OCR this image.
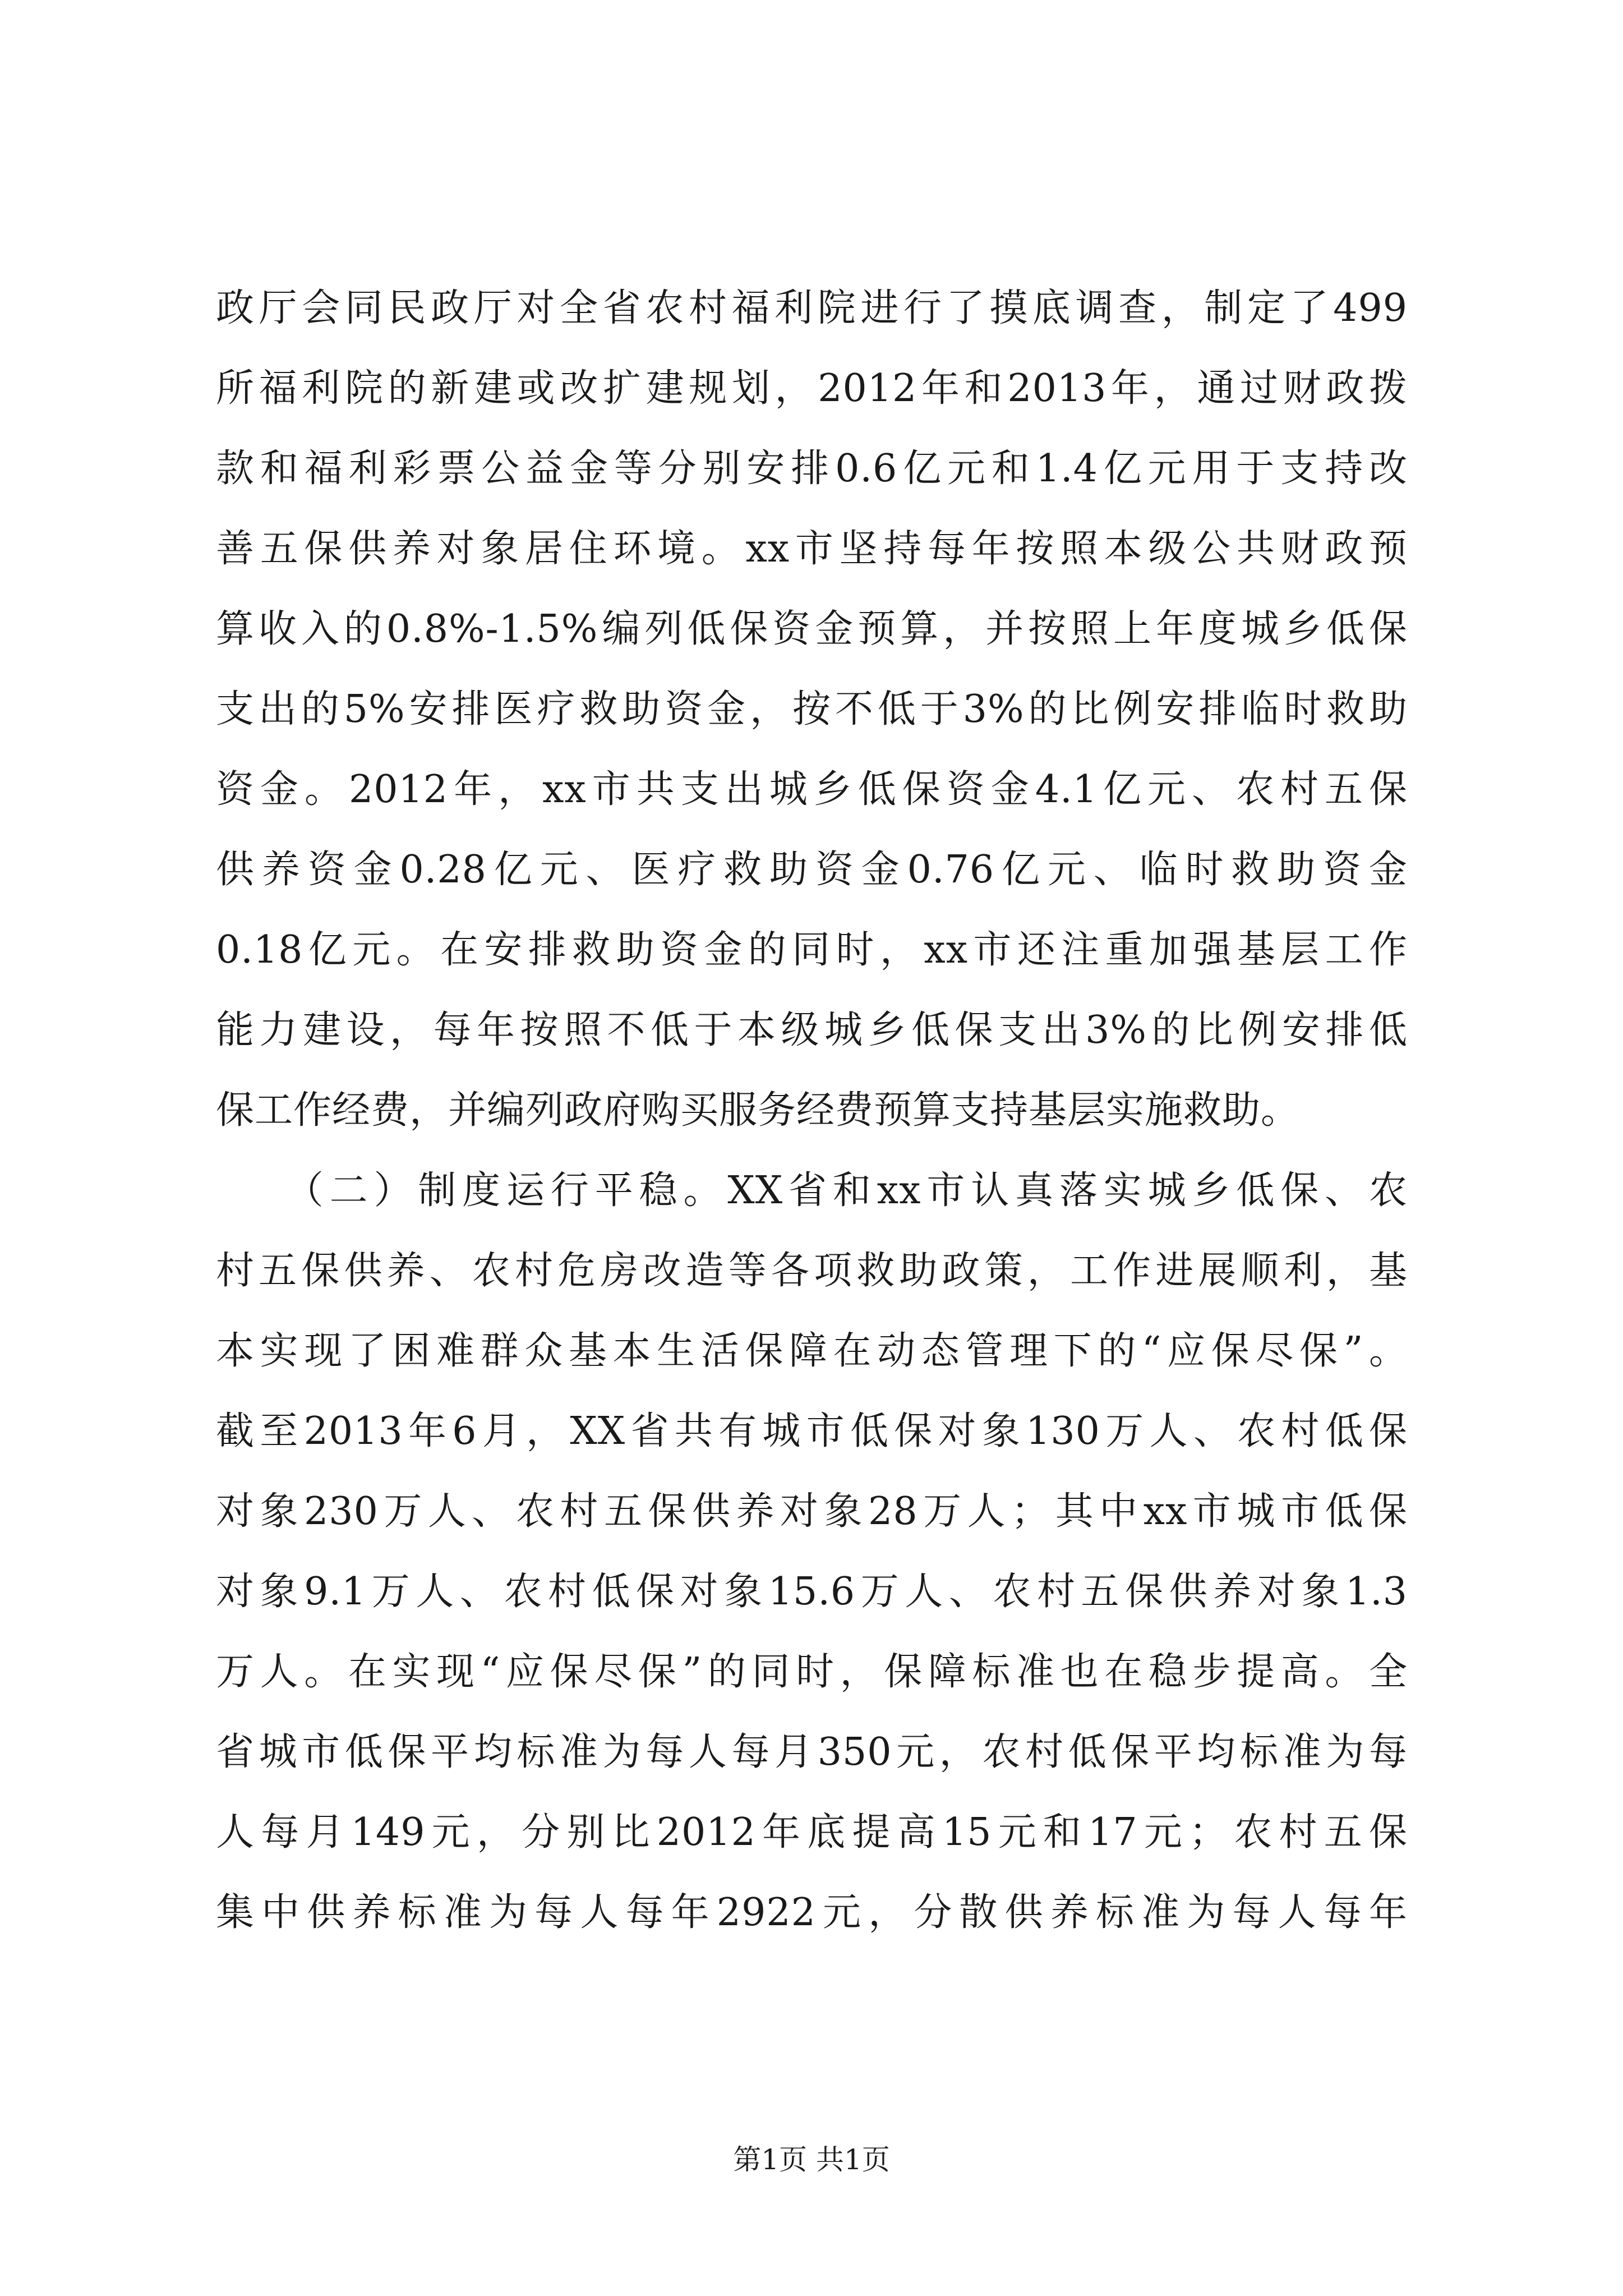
政厅会同民政厅对全省农村福利院进行了摸底调查，制定了499
所福利院的新建或改扩建规划，2012年和2013年，通过财政拨
款和福利彩票公益金等分别安排0.6亿元和1.4亿元用于支持改
善五保供养对象居住环境。xx市坚持每年按照本级公共财政预
算收入的0.8%-1.5%编列低保资金预算，并按照上年度城乡低保
支出的5%安排医疗救助资金，按不低于3%的比例安排临时救助
资金。2012年，xx市共支出城乡低保资金4.1亿元、农村五保
供养资金0.28亿元、医疗救助资金0.76亿元、临时救助资金
0.18亿元。在安排救助资金的同时，xx市还注重加强基层工作
能力建设，每年按照不低于本级城乡低保支出3%的比例安排低
保工作经费，并编列政府购买服务经费预算支持基层实施救助。
　　（二）制度运行平稳。XX省和xx市认真落实城乡低保、农
村五保供养、农村危房改造等各项救助政策，工作进展顺利，基
本实现了困难群众基本生活保障在动态管理下的“应保尽保”。
截至2013年6月，XX省共有城市低保对象130万人、农村低保
对象230万人、农村五保供养对象28万人；其中xx市城市低保
对象9.1万人、农村低保对象15.6万人、农村五保供养对象1.3
万人。在实现“应保尽保”的同时，保障标准也在稳步提高。全
省城市低保平均标准为每人每月350元，农村低保平均标准为每
人每月149元，分别比2012年底提高15元和17元；农村五保
集中供养标准为每人每年2922元，分散供养标准为每人每年
第1页 共1页
